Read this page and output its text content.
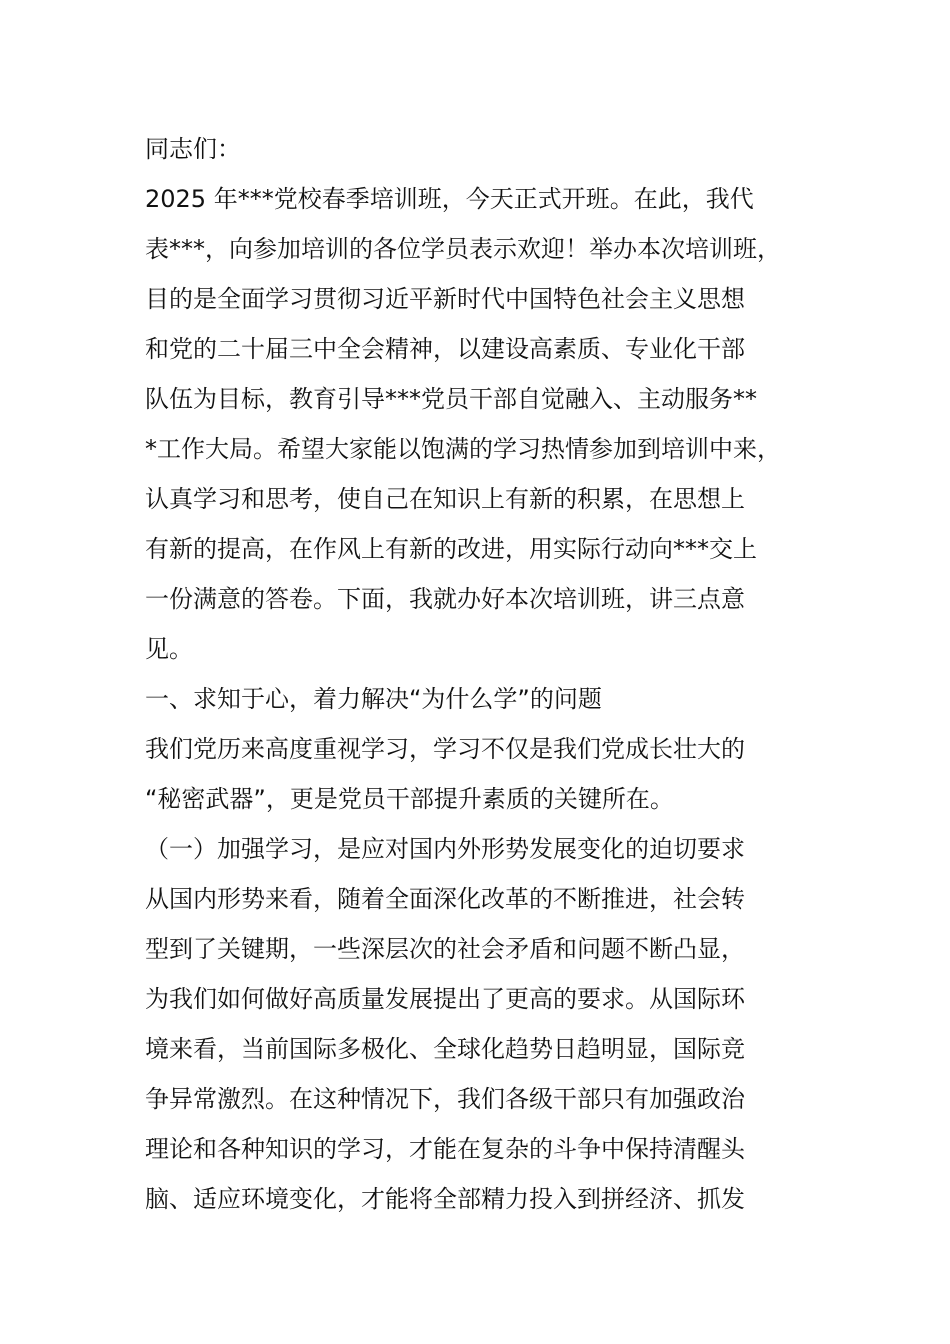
同志们：
2025 年***党校春季培训班，今天正式开班。在此，我代
表***，向参加培训的各位学员表示欢迎！举办本次培训班，
目的是全面学习贯彻习近平新时代中国特色社会主义思想
和党的二十届三中全会精神，以建设高素质、专业化干部
队伍为目标，教育引导***党员干部自觉融入、主动服务**
*工作大局。希望大家能以饱满的学习热情参加到培训中来，
认真学习和思考，使自己在知识上有新的积累，在思想上
有新的提高，在作风上有新的改进，用实际行动向***交上
一份满意的答卷。下面，我就办好本次培训班，讲三点意
见。
一、求知于心，着力解决“为什么学”的问题
我们党历来高度重视学习，学习不仅是我们党成长壮大的
“秘密武器”，更是党员干部提升素质的关键所在。
（一）加强学习，是应对国内外形势发展变化的迫切要求
从国内形势来看，随着全面深化改革的不断推进，社会转
型到了关键期，一些深层次的社会矛盾和问题不断凸显，
为我们如何做好高质量发展提出了更高的要求。从国际环
境来看，当前国际多极化、全球化趋势日趋明显，国际竞
争异常激烈。在这种情况下，我们各级干部只有加强政治
理论和各种知识的学习，才能在复杂的斗争中保持清醒头
脑、适应环境变化，才能将全部精力投入到拼经济、抓发
